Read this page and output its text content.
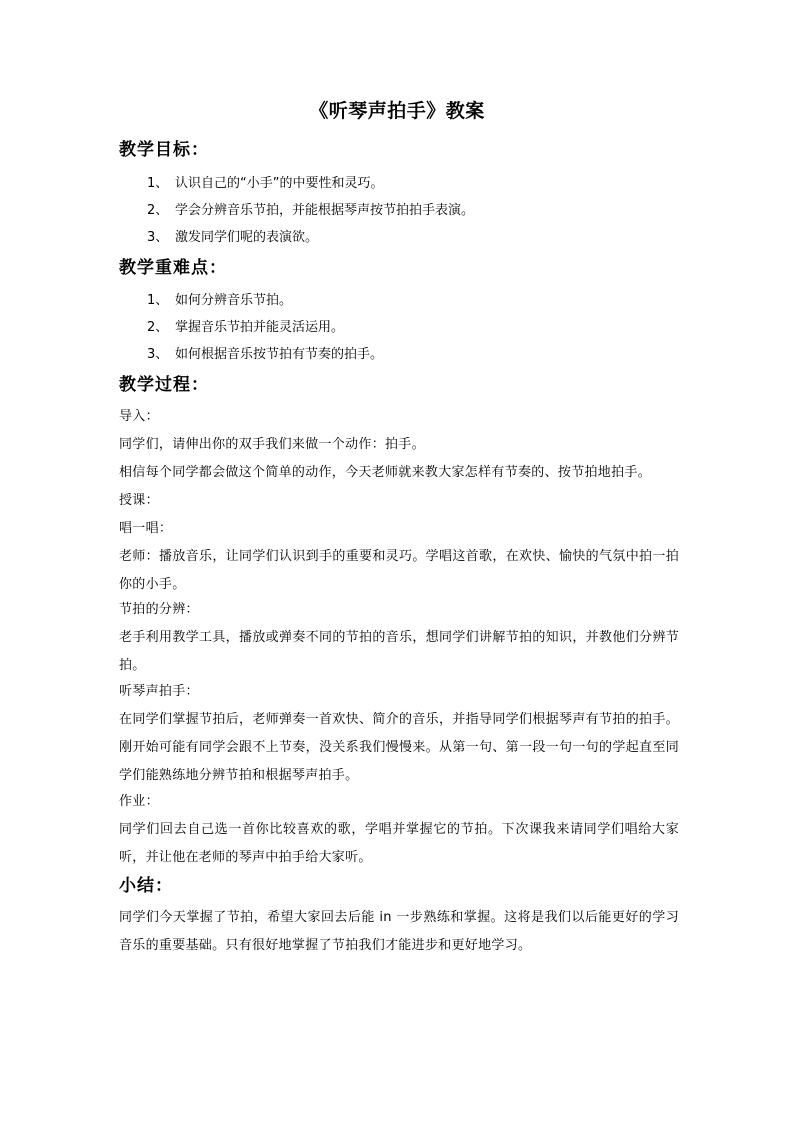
《听琴声拍手》教案
教学目标：
1、 认识自己的“小手”的中要性和灵巧。
2、 学会分辨音乐节拍，并能根据琴声按节拍拍手表演。
3、 激发同学们呢的表演欲。
教学重难点：
1、 如何分辨音乐节拍。
2、 掌握音乐节拍并能灵活运用。
3、 如何根据音乐按节拍有节奏的拍手。
教学过程：
导入：
同学们，请伸出你的双手我们来做一个动作：拍手。
相信每个同学都会做这个简单的动作，今天老师就来教大家怎样有节奏的、按节拍地拍手。
授课：
唱一唱：
老师：播放音乐，让同学们认识到手的重要和灵巧。学唱这首歌，在欢快、愉快的气氛中拍一拍你的小手。
节拍的分辨：
老手利用教学工具，播放或弹奏不同的节拍的音乐，想同学们讲解节拍的知识，并教他们分辨节拍。
听琴声拍手：
在同学们掌握节拍后，老师弹奏一首欢快、简介的音乐，并指导同学们根据琴声有节拍的拍手。刚开始可能有同学会跟不上节奏，没关系我们慢慢来。从第一句、第一段一句一句的学起直至同学们能熟练地分辨节拍和根据琴声拍手。
作业：
同学们回去自己选一首你比较喜欢的歌，学唱并掌握它的节拍。下次课我来请同学们唱给大家听，并让他在老师的琴声中拍手给大家听。
小结：
同学们今天掌握了节拍，希望大家回去后能 in 一步熟练和掌握。这将是我们以后能更好的学习音乐的重要基础。只有很好地掌握了节拍我们才能进步和更好地学习。
